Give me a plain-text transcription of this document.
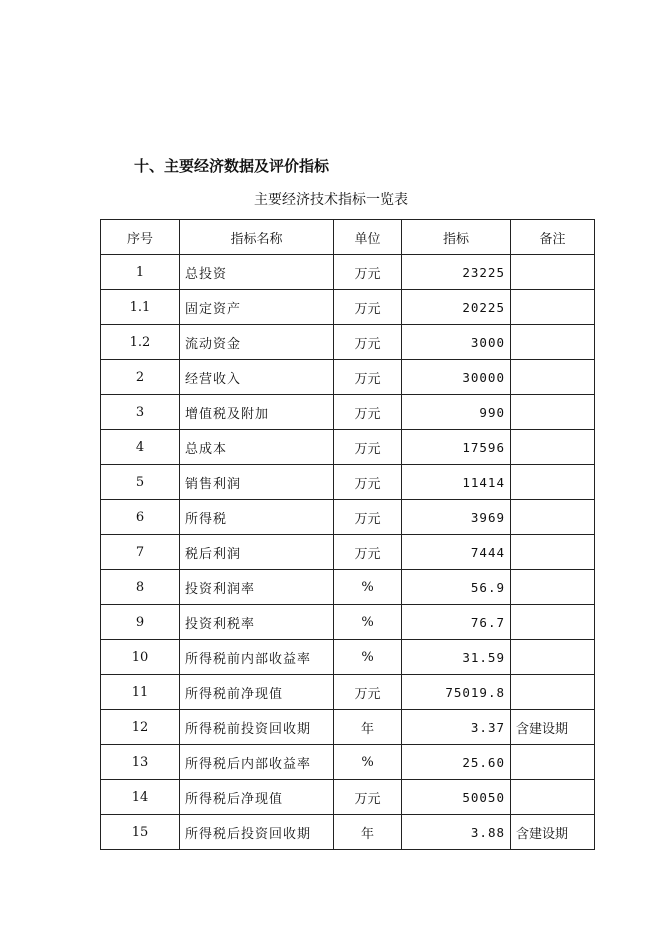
十、主要经济数据及评价指标
主要经济技术指标一览表
序号	指标名称	单位	指标	备注
1	总投资	万元	23225	
1.1	固定资产	万元	20225	
1.2	流动资金	万元	3000	
2	经营收入	万元	30000	
3	增值税及附加	万元	990	
4	总成本	万元	17596	
5	销售利润	万元	11414	
6	所得税	万元	3969	
7	税后利润	万元	7444	
8	投资利润率	%	56.9	
9	投资利税率	%	76.7	
10	所得税前内部收益率	%	31.59	
11	所得税前净现值	万元	75019.8	
12	所得税前投资回收期	年	3.37	含建设期
13	所得税后内部收益率	%	25.60	
14	所得税后净现值	万元	50050	
15	所得税后投资回收期	年	3.88	含建设期
